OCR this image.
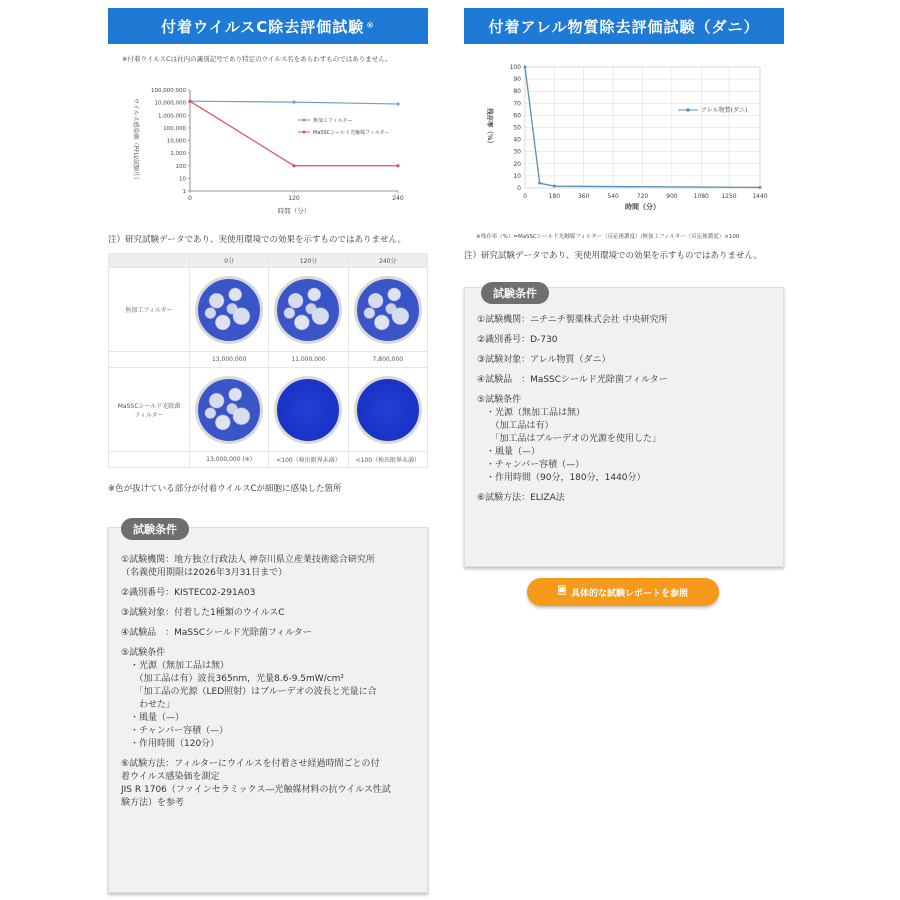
付着ウイルスC除去評価試験 ※
※付着ウイルスCは社内の識別記号であり特定のウイルス名をあらわすものではありません。
100,000,000
10,000,000
1,000,000
100,000
10,000
1,000
100
10
1
0	120	240
時間（分）
ウイルス感染価（PFU/試験片）	無加工フィルター
MaSSCシールド光触媒フィルター
注）研究試験データであり、実使用環境での効果を示すものではありません。
	0分	120分	240分
無加工フィルター	

	13,000,000	11,000,000	7,800,000
MaSSCシールド光除菌フィルター	

	13,000,000 (※)	<100（検出限界未満）	<100（検出限界未満）
※色が抜けている部分が付着ウイルスCが細胞に感染した箇所
試験条件
①試験機関：地方独立行政法人 神奈川県立産業技術総合研究所
（名義使用期限は2026年3月31日まで）
②識別番号：KISTEC02-291A03
③試験対象：付着した1種類のウイルスC
④試験品　：MaSSCシールド光除菌フィルター
⑤試験条件
　・光源（無加工品は無）
　　（加工品は有）波長365nm，光量8.6-9.5mW/cm²
　　「加工品の光源（LED照射）はブルーデオの波長と光量に合
　　わせた」
　・風量（—）
　・チャンバー容積（—）
　・作用時間（120分）
⑥試験方法：フィルターにウイルスを付着させ経過時間ごとの付
着ウイルス感染価を測定
JIS R 1706（ファインセラミックス―光触媒材料の抗ウイルス性試
験方法）を参考
付着アレル物質除去評価試験（ダニ）
100
90
80
70
60
50
40
30
20
10
0
0	180	360	540	720	900	1080 1250	1440
時間（分）
残存率（%）	アレル物質(ダニ)
※残存率（%）=MaSSCシールド光触媒フィルター（反応後濃度）/無加工フィルター（反応後濃度）×100
注）研究試験データであり、実使用環境での効果を示すものではありません。
試験条件
①試験機関：ニチニチ製薬株式会社 中央研究所
②識別番号：D-730
③試験対象：アレル物質（ダニ）
④試験品　：MaSSCシールド光除菌フィルター
⑤試験条件
　・光源（無加工品は無）
　　（加工品は有）
　　「加工品はブルーデオの光源を使用した」
　・風量（—）
　・チャンバー容積（—）
　・作用時間（90分，180分，1440分）
⑥試験方法：ELIZA法
🗏 具体的な試験レポートを参照
